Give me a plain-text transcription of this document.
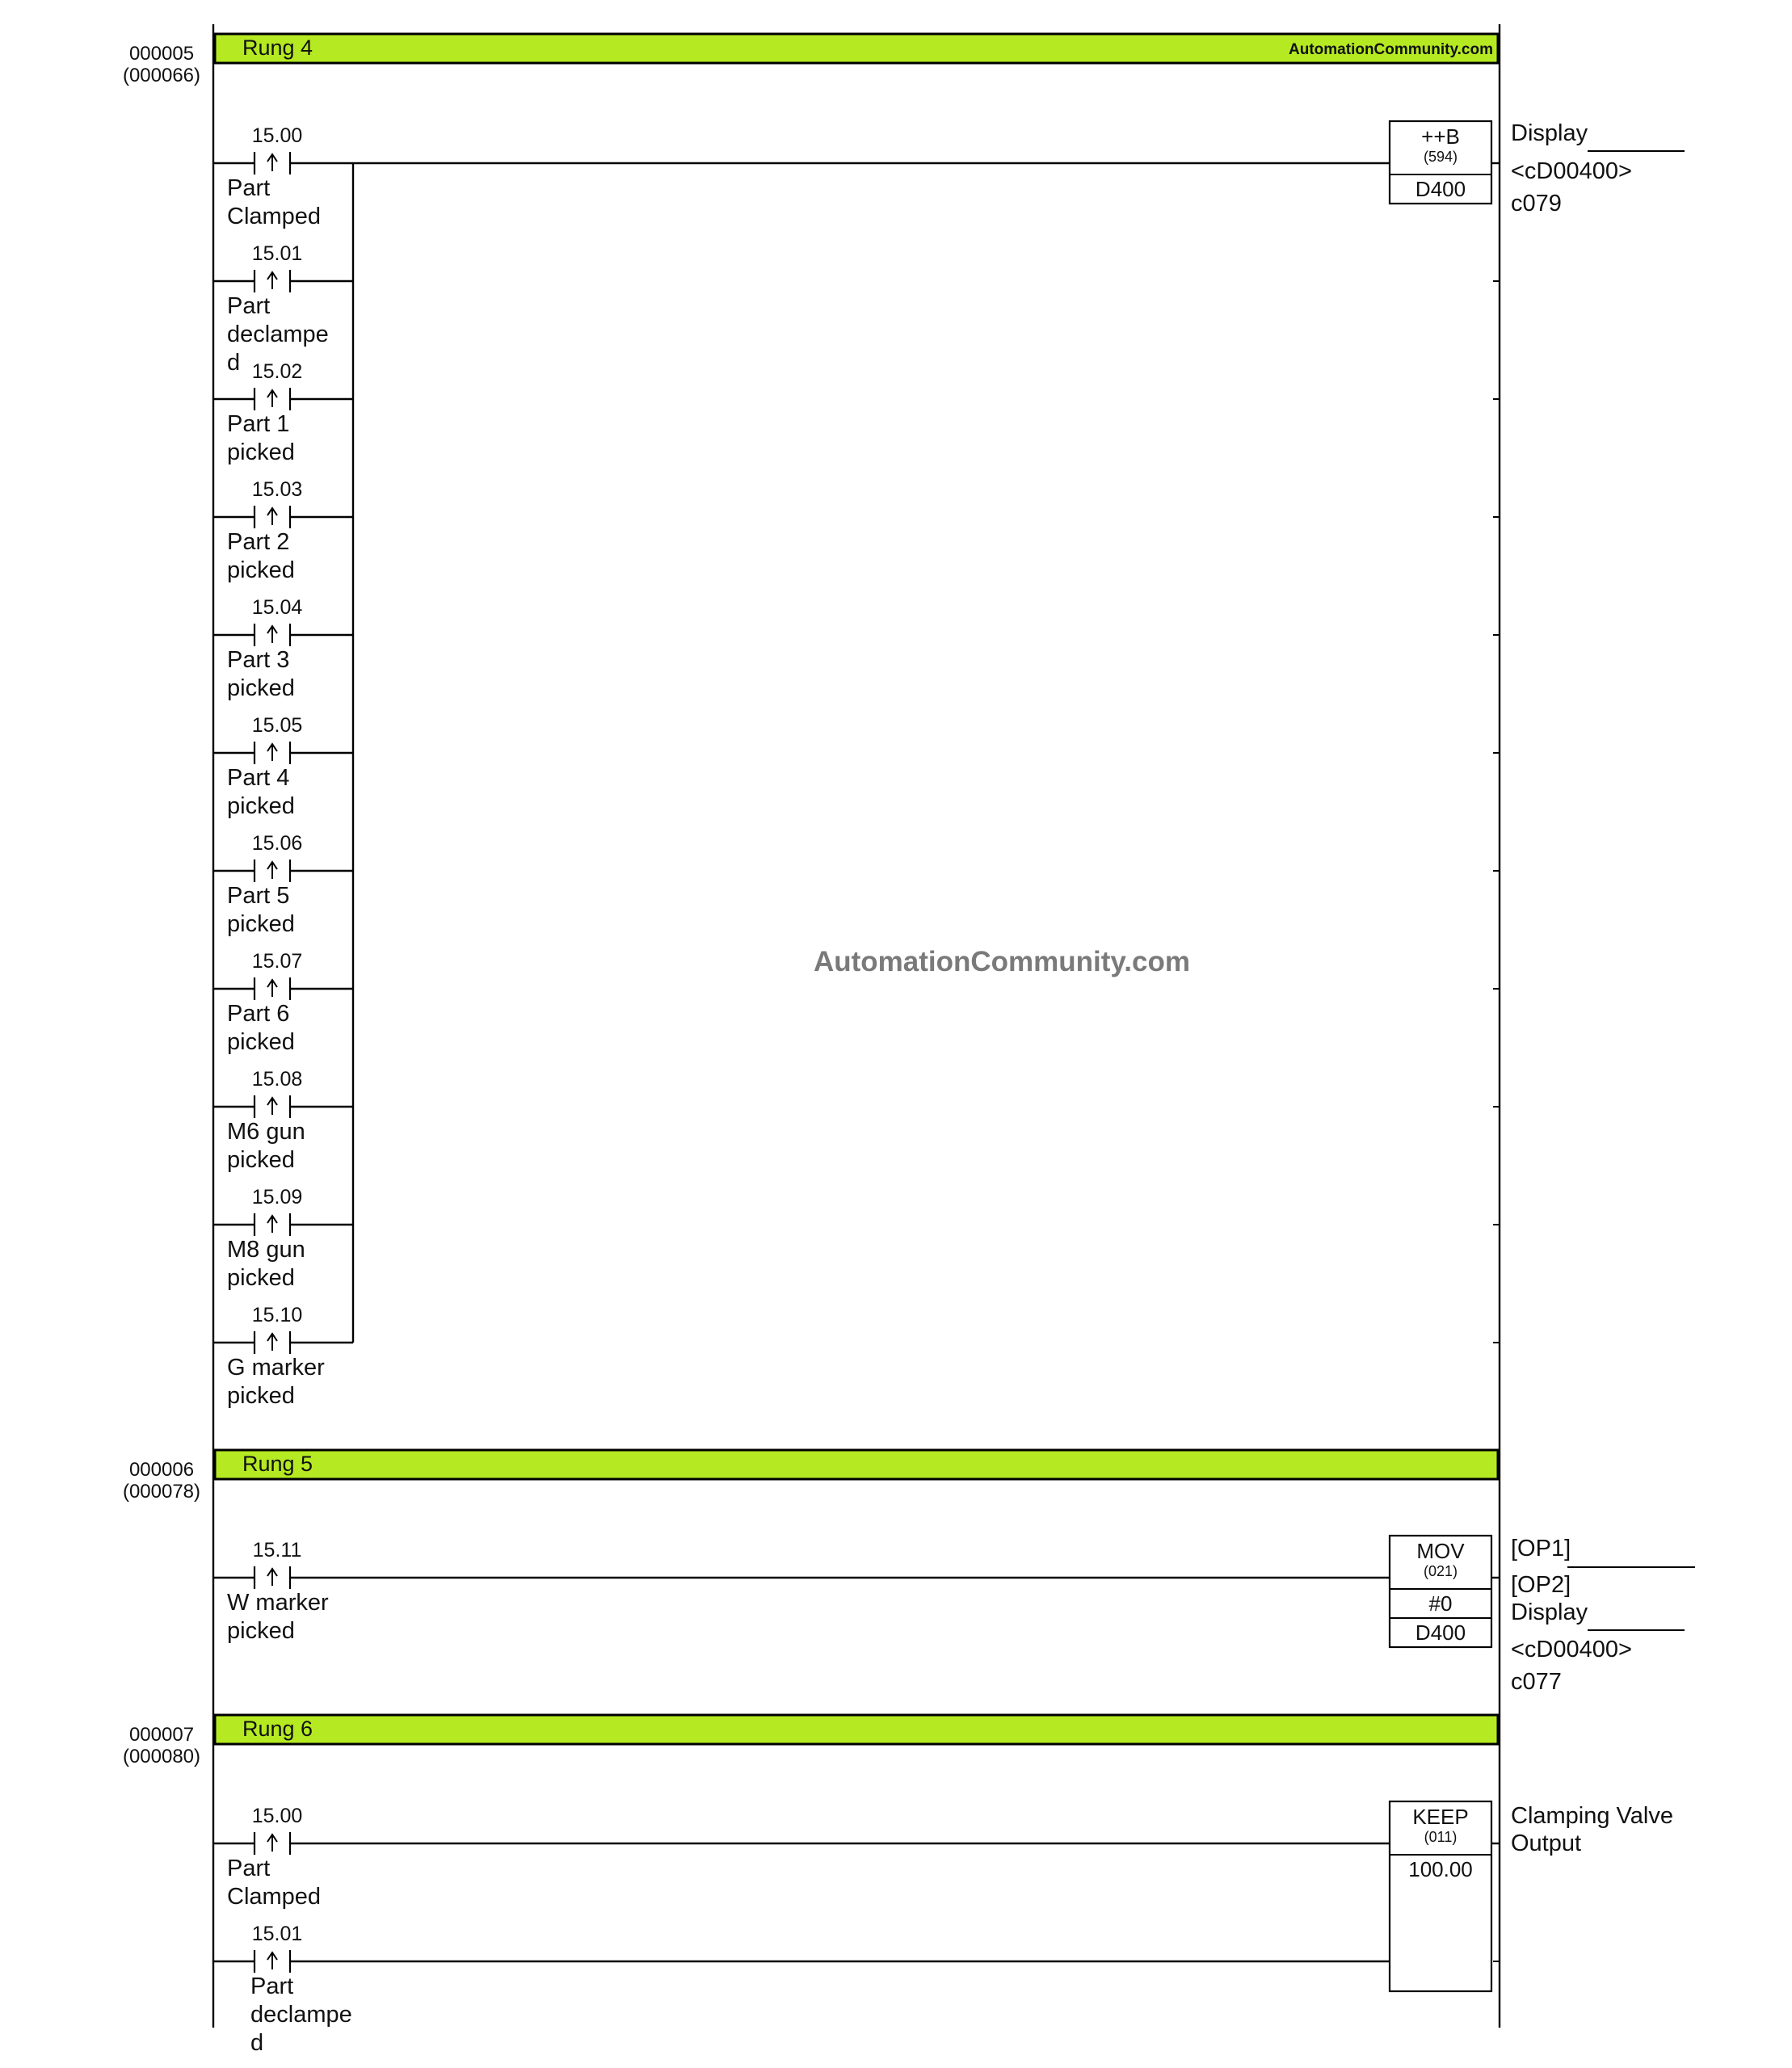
AutomationCommunity.com
Rung 4	AutomationCommunity.com
000005
(000066)
15.00
Part
Clamped
15.01
Part
declampe
d 15.02
Part 1
picked
15.03
Part 2
picked
15.04
Part 3
picked
15.05
Part 4
picked
15.06
Part 5
picked
15.07
Part 6
picked
15.08
M6 gun
picked
15.09
M8 gun
picked
15.10
G marker
picked
++B
(594)
D400
Display
<cD00400>
c079
Rung 5
000006
(000078)
15.11
W marker
picked
MOV
(021)
#0
D400
[OP1]
[OP2]
Display
<cD00400>
c077
Rung 6
000007
(000080)
15.00
Part
Clamped
15.01
Part
declampe
d
KEEP
(011)
100.00
Clamping Valve
Output
